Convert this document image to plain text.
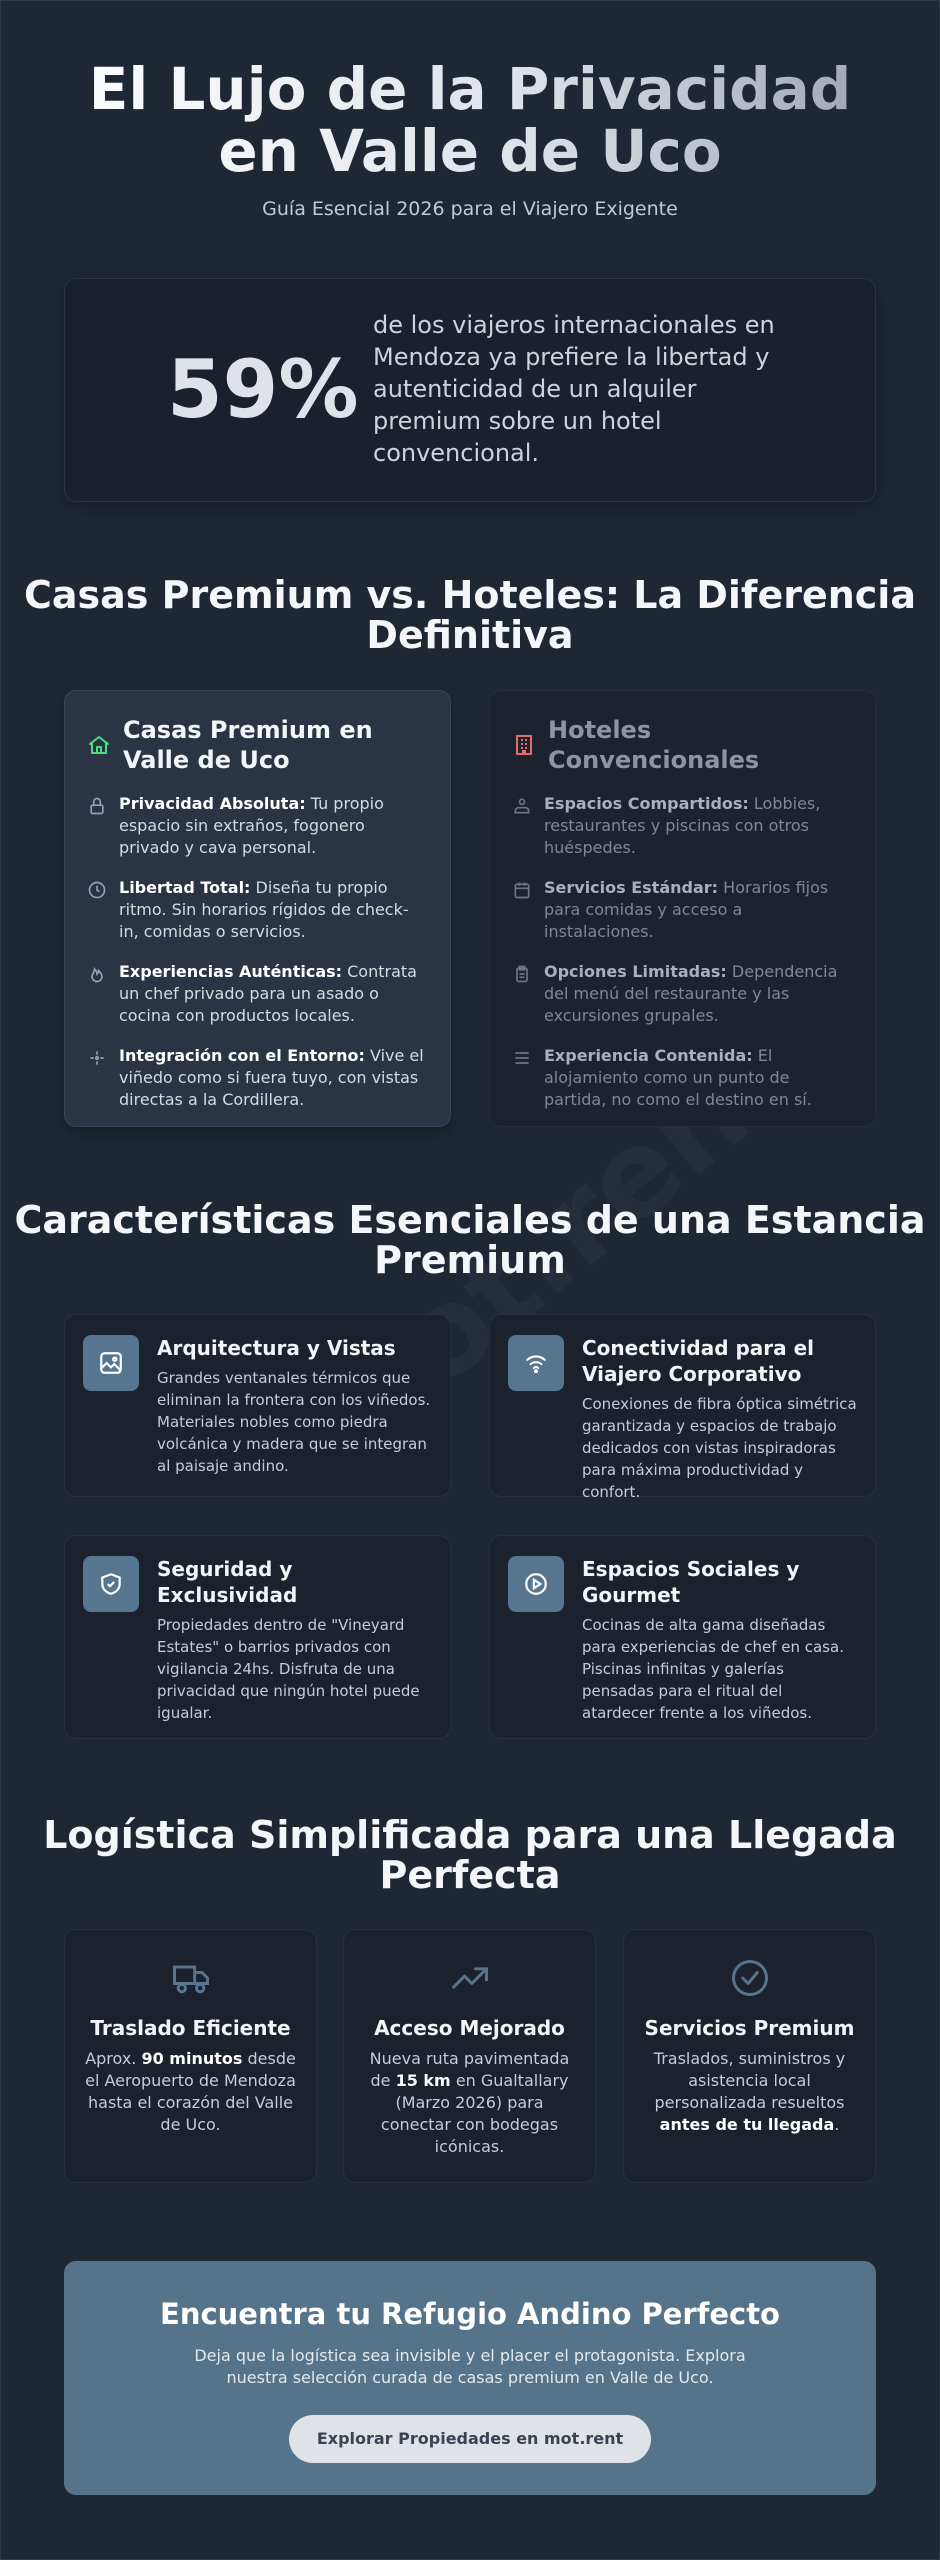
El Lujo de la Privacidad en Valle de Uco
Guía Esencial 2026 para el Viajero Exigente
59%
de los viajeros internacionales en Mendoza ya prefiere la libertad y autenticidad de un alquiler premium sobre un hotel convencional.
Casas Premium vs. Hoteles: La Diferencia Definitiva
Casas Premium en Valle de Uco

Privacidad Absoluta: Tu propio espacio sin extraños, fogonero privado y cava personal.

Libertad Total: Diseña tu propio ritmo. Sin horarios rígidos de check-in, comidas o servicios.

Experiencias Auténticas: Contrata un chef privado para un asado o cocina con productos locales.

Integración con el Entorno: Vive el viñedo como si fuera tuyo, con vistas directas a la Cordillera.

Hoteles Convencionales

Espacios Compartidos: Lobbies, restaurantes y piscinas con otros huéspedes.

Servicios Estándar: Horarios fijos para comidas y acceso a instalaciones.

Opciones Limitadas: Dependencia del menú del restaurante y las excursiones grupales.

Experiencia Contenida: El alojamiento como un punto de partida, no como el destino en sí.

Características Esenciales de una Estancia Premium
Arquitectura y Vistas

Grandes ventanales térmicos que eliminan la frontera con los viñedos. Materiales nobles como piedra volcánica y madera que se integran al paisaje andino.

Conectividad para el Viajero Corporativo

Conexiones de fibra óptica simétrica garantizada y espacios de trabajo dedicados con vistas inspiradoras para máxima productividad y confort.

Seguridad y Exclusividad

Propiedades dentro de "Vineyard Estates" o barrios privados con vigilancia 24hs. Disfruta de una privacidad que ningún hotel puede igualar.

Espacios Sociales y Gourmet

Cocinas de alta gama diseñadas para experiencias de chef en casa. Piscinas infinitas y galerías pensadas para el ritual del atardecer frente a los viñedos.

Logística Simplificada para una Llegada Perfecta
Traslado Eficiente

Aprox. 90 minutos desde el Aeropuerto de Mendoza hasta el corazón del Valle de Uco.

Acceso Mejorado

Nueva ruta pavimentada de 15 km en Gualtallary (Marzo 2026) para conectar con bodegas icónicas.

Servicios Premium

Traslados, suministros y asistencia local personalizada resueltos antes de tu llegada.

Encuentra tu Refugio Andino Perfecto

Deja que la logística sea invisible y el placer el protagonista. Explora nuestra selección curada de casas premium en Valle de Uco.

Explorar Propiedades en mot.rent
